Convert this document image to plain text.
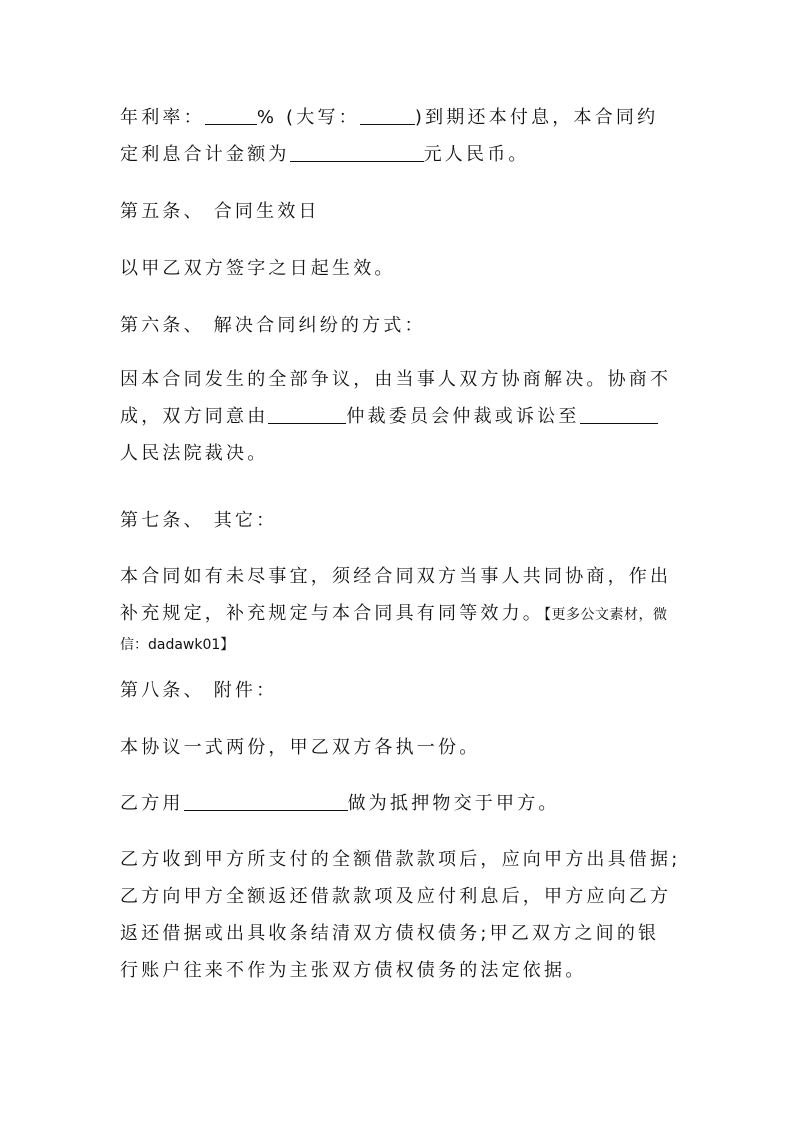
年利率：	% (大写：	)到期还本付息，本合同约
定利息合计金额为	元人民币。
第五条、 合同生效日
以甲乙双方签字之日起生效。
第六条、 解决合同纠纷的方式：
因本合同发生的全部争议，由当事人双方协商解决。协商不
成，双方同意由	仲裁委员会仲裁或诉讼至
人民法院裁决。
第七条、 其它：
本合同如有未尽事宜，须经合同双方当事人共同协商，作出
补充规定，补充规定与本合同具有同等效力。【更多公文素材，微
信：dadawk01】
第八条、 附件：
本协议一式两份，甲乙双方各执一份。
乙方用	做为抵押物交于甲方。
乙方收到甲方所支付的全额借款款项后，应向甲方出具借据;
乙方向甲方全额返还借款款项及应付利息后，甲方应向乙方
返还借据或出具收条结清双方债权债务;甲乙双方之间的银
行账户往来不作为主张双方债权债务的法定依据。
